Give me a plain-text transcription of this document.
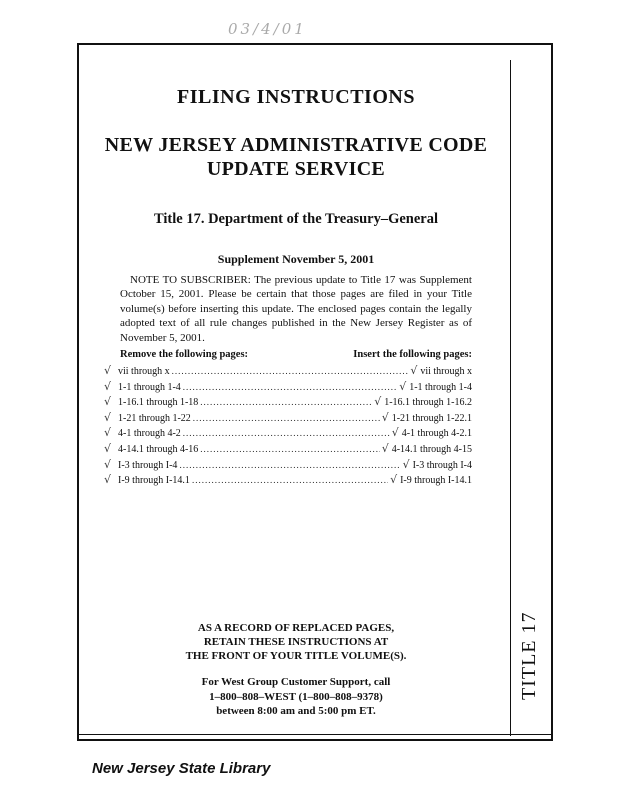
03/4/01
TITLE 17
FILING INSTRUCTIONS
NEW JERSEY ADMINISTRATIVE CODE
UPDATE SERVICE
Title 17. Department of the Treasury–General
Supplement November 5, 2001
NOTE TO SUBSCRIBER: The previous update to Title 17 was Supplement October 15, 2001. Please be certain that those pages are filed in your Title volume(s) before inserting this update. The enclosed pages contain the legally adopted text of all rule changes published in the New Jersey Register as of November 5, 2001.
Remove the following pages:	Insert the following pages:
√ vii through x .....	√ vii through x
√ 1-1 through 1-4 .....	√ 1-1 through 1-4
√ 1-16.1 through 1-18 .....	√ 1-16.1 through 1-16.2
√ 1-21 through 1-22 .....	√ 1-21 through 1-22.1
√ 4-1 through 4-2 .....	√ 4-1 through 4-2.1
√ 4-14.1 through 4-16 .....	√ 4-14.1 through 4-15
√ I-3 through I-4 .....	√ I-3 through I-4
√ I-9 through I-14.1 .....	√ I-9 through I-14.1
AS A RECORD OF REPLACED PAGES,
RETAIN THESE INSTRUCTIONS AT
THE FRONT OF YOUR TITLE VOLUME(S).
For West Group Customer Support, call
1–800–808–WEST (1–800–808–9378)
between 8:00 am and 5:00 pm ET.
New Jersey State Library
